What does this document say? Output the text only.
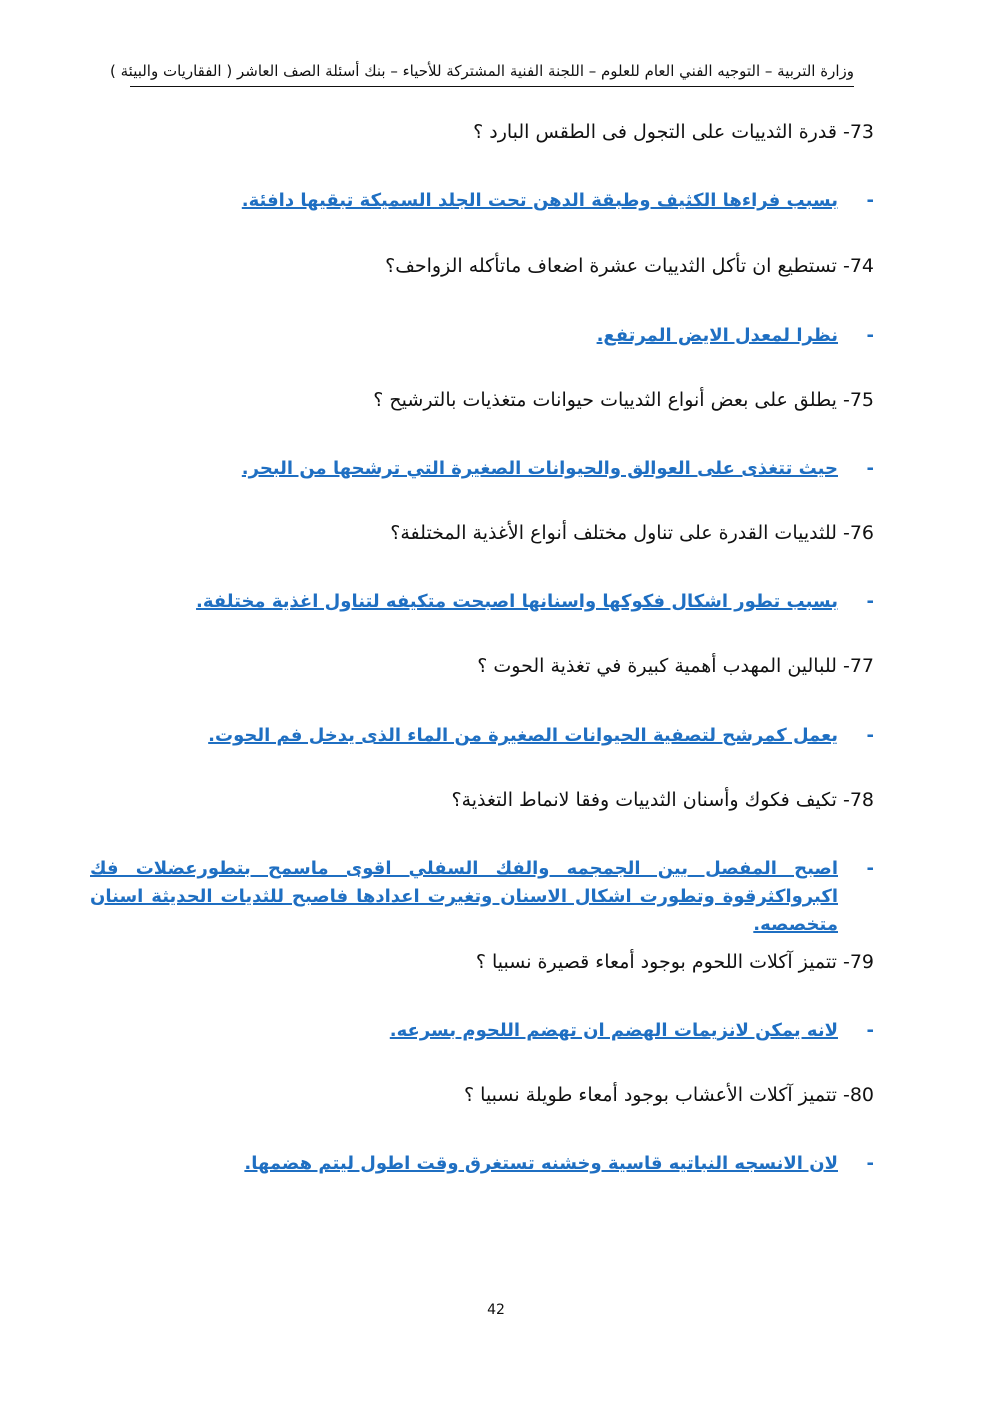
وزارة التربية – التوجيه الفني العام للعلوم – اللجنة الفنية المشتركة للأحياء – بنك أسئلة الصف العاشر ( الفقاريات والبيئة )
73- قدرة الثدييات على التجول فى الطقس البارد ؟
-بسبب فراءها الكثيف وطبقة الدهن تحت الجلد السميكة تبقيها دافئة.
74- تستطيع ان تأكل الثدييات عشرة اضعاف ماتأكله الزواحف؟
-نظرا لمعدل الايض المرتفع.
75- يطلق على بعض أنواع الثدييات حيوانات متغذيات بالترشيح ؟
-حيث تتغذى على العوالق والحيوانات الصغيرة التي ترشحها من البحر.
76- للثدييات القدرة على تناول مختلف أنواع الأغذية المختلفة؟
-بسبب تطور اشكال فكوكها واسنانها اصبحت متكيفه لتناول اغذية مختلفة.
77- للبالين المهدب أهمية كبيرة في تغذية الحوت ؟
-يعمل كمرشح لتصفية الحيوانات الصغيرة من الماء الذى يدخل فم الحوت.
78- تكيف فكوك وأسنان الثدييات وفقا لانماط التغذية؟
-
اصبح المفصل بين الجمجمه والفك السفلي اقوى ماسمح بتطورعضلات فك اكبرواكثرقوة وتطورت اشكال الاسنان وتغيرت اعدادها فاصبح للثديات الحديثة اسنان متخصصه.
79- تتميز آكلات اللحوم بوجود أمعاء قصيرة نسبيا ؟
-لانه يمكن لانزيمات الهضم ان تهضم اللحوم بسرعه.
80- تتميز آكلات الأعشاب بوجود أمعاء طويلة نسبيا ؟
-لان الانسجه النباتيه قاسية وخشنه تستغرق وقت اطول ليتم هضمها.
42
